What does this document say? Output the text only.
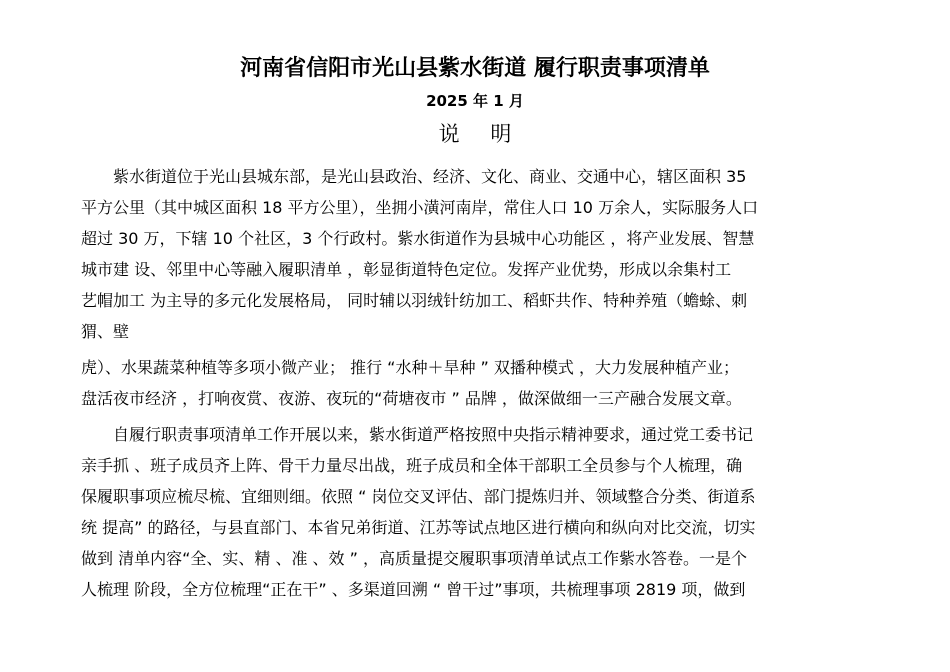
河南省信阳市光山县紫水街道 履行职责事项清单
2025 年 1 月
说 明
紫水街道位于光山县城东部，是光山县政治、经济、文化、商业、交通中心，辖区面积 35
平方公里（其中城区面积 18 平方公里），坐拥小潢河南岸，常住人口 10 万余人，实际服务人口
超过 30 万，下辖 10 个社区，3 个行政村。紫水街道作为县城中心功能区 ，将产业发展、智慧
城市建 设、邻里中心等融入履职清单 ，彰显街道特色定位。发挥产业优势，形成以余集村工
艺帽加工 为主导的多元化发展格局， 同时辅以羽绒针纺加工、稻虾共作、特种养殖（蟾蜍、刺
猬、壁
虎）、水果蔬菜种植等多项小微产业； 推行 “水种＋旱种 ” 双播种模式 ，大力发展种植产业；
盘活夜市经济 ，打响夜赏、夜游、夜玩的“荷塘夜市 ” 品牌 ，做深做细一三产融合发展文章。
自履行职责事项清单工作开展以来，紫水街道严格按照中央指示精神要求，通过党工委书记
亲手抓 、班子成员齐上阵、骨干力量尽出战，班子成员和全体干部职工全员参与个人梳理，确
保履职事项应梳尽梳、宜细则细。依照 “ 岗位交叉评估、部门提炼归并、领域整合分类、街道系
统 提高” 的路径，与县直部门、本省兄弟街道、江苏等试点地区进行横向和纵向对比交流，切实
做到 清单内容“全、实、精 、准 、效 ” ，高质量提交履职事项清单试点工作紫水答卷。一是个
人梳理 阶段，全方位梳理“正在干” 、多渠道回溯 “ 曾干过”事项，共梳理事项 2819 项，做到
